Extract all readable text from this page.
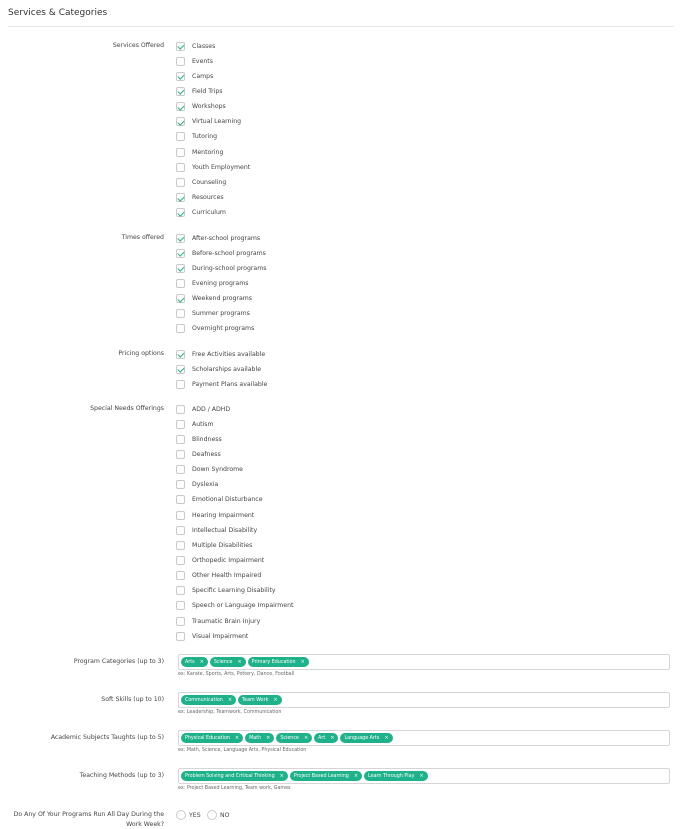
Services & Categories
Services Offered	Classes
Events
Camps
Field Trips
Workshops
Virtual Learning
Tutoring
Mentoring
Youth Employment
Counseling
Resources
Curriculum
Times offered	After-school programs
Before-school programs
During-school programs
Evening programs
Weekend programs
Summer programs
Overnight programs
Pricing options	Free Activities available
Scholarships available
Payment Plans available
Special Needs Offerings	ADD / ADHD
Autism
Blindness
Deafness
Down Syndrome
Dyslexia
Emotional Disturbance
Hearing Impairment
Intellectual Disability
Multiple Disabilities
Orthopedic Impairment
Other Health Impaired
Specific Learning Disability
Speech or Language Impairment
Traumatic Brain Injury
Visual Impairment
Program Categories (up to 3)	Arts × Science × Primary Education ×
ex: Karate, Sports, Arts, Pottery, Dance, Football
Soft Skills (up to 10)	Communication × Team Work ×
ex: Leadership, Teamwork, Communication
Academic Subjects Taughts (up to 5)	Physical Education × Math × Science × Art × Language Arts ×
ex: Math, Science, Language Arts, Physical Education
Teaching Methods (up to 3)	Problem Solving and Critical Thinking × Project Based Learning × Learn Through Play ×
ex: Project Based Learning, Team work, Games
Do Any Of Your Programs Run All Day During the Work Week?
YES	NO
